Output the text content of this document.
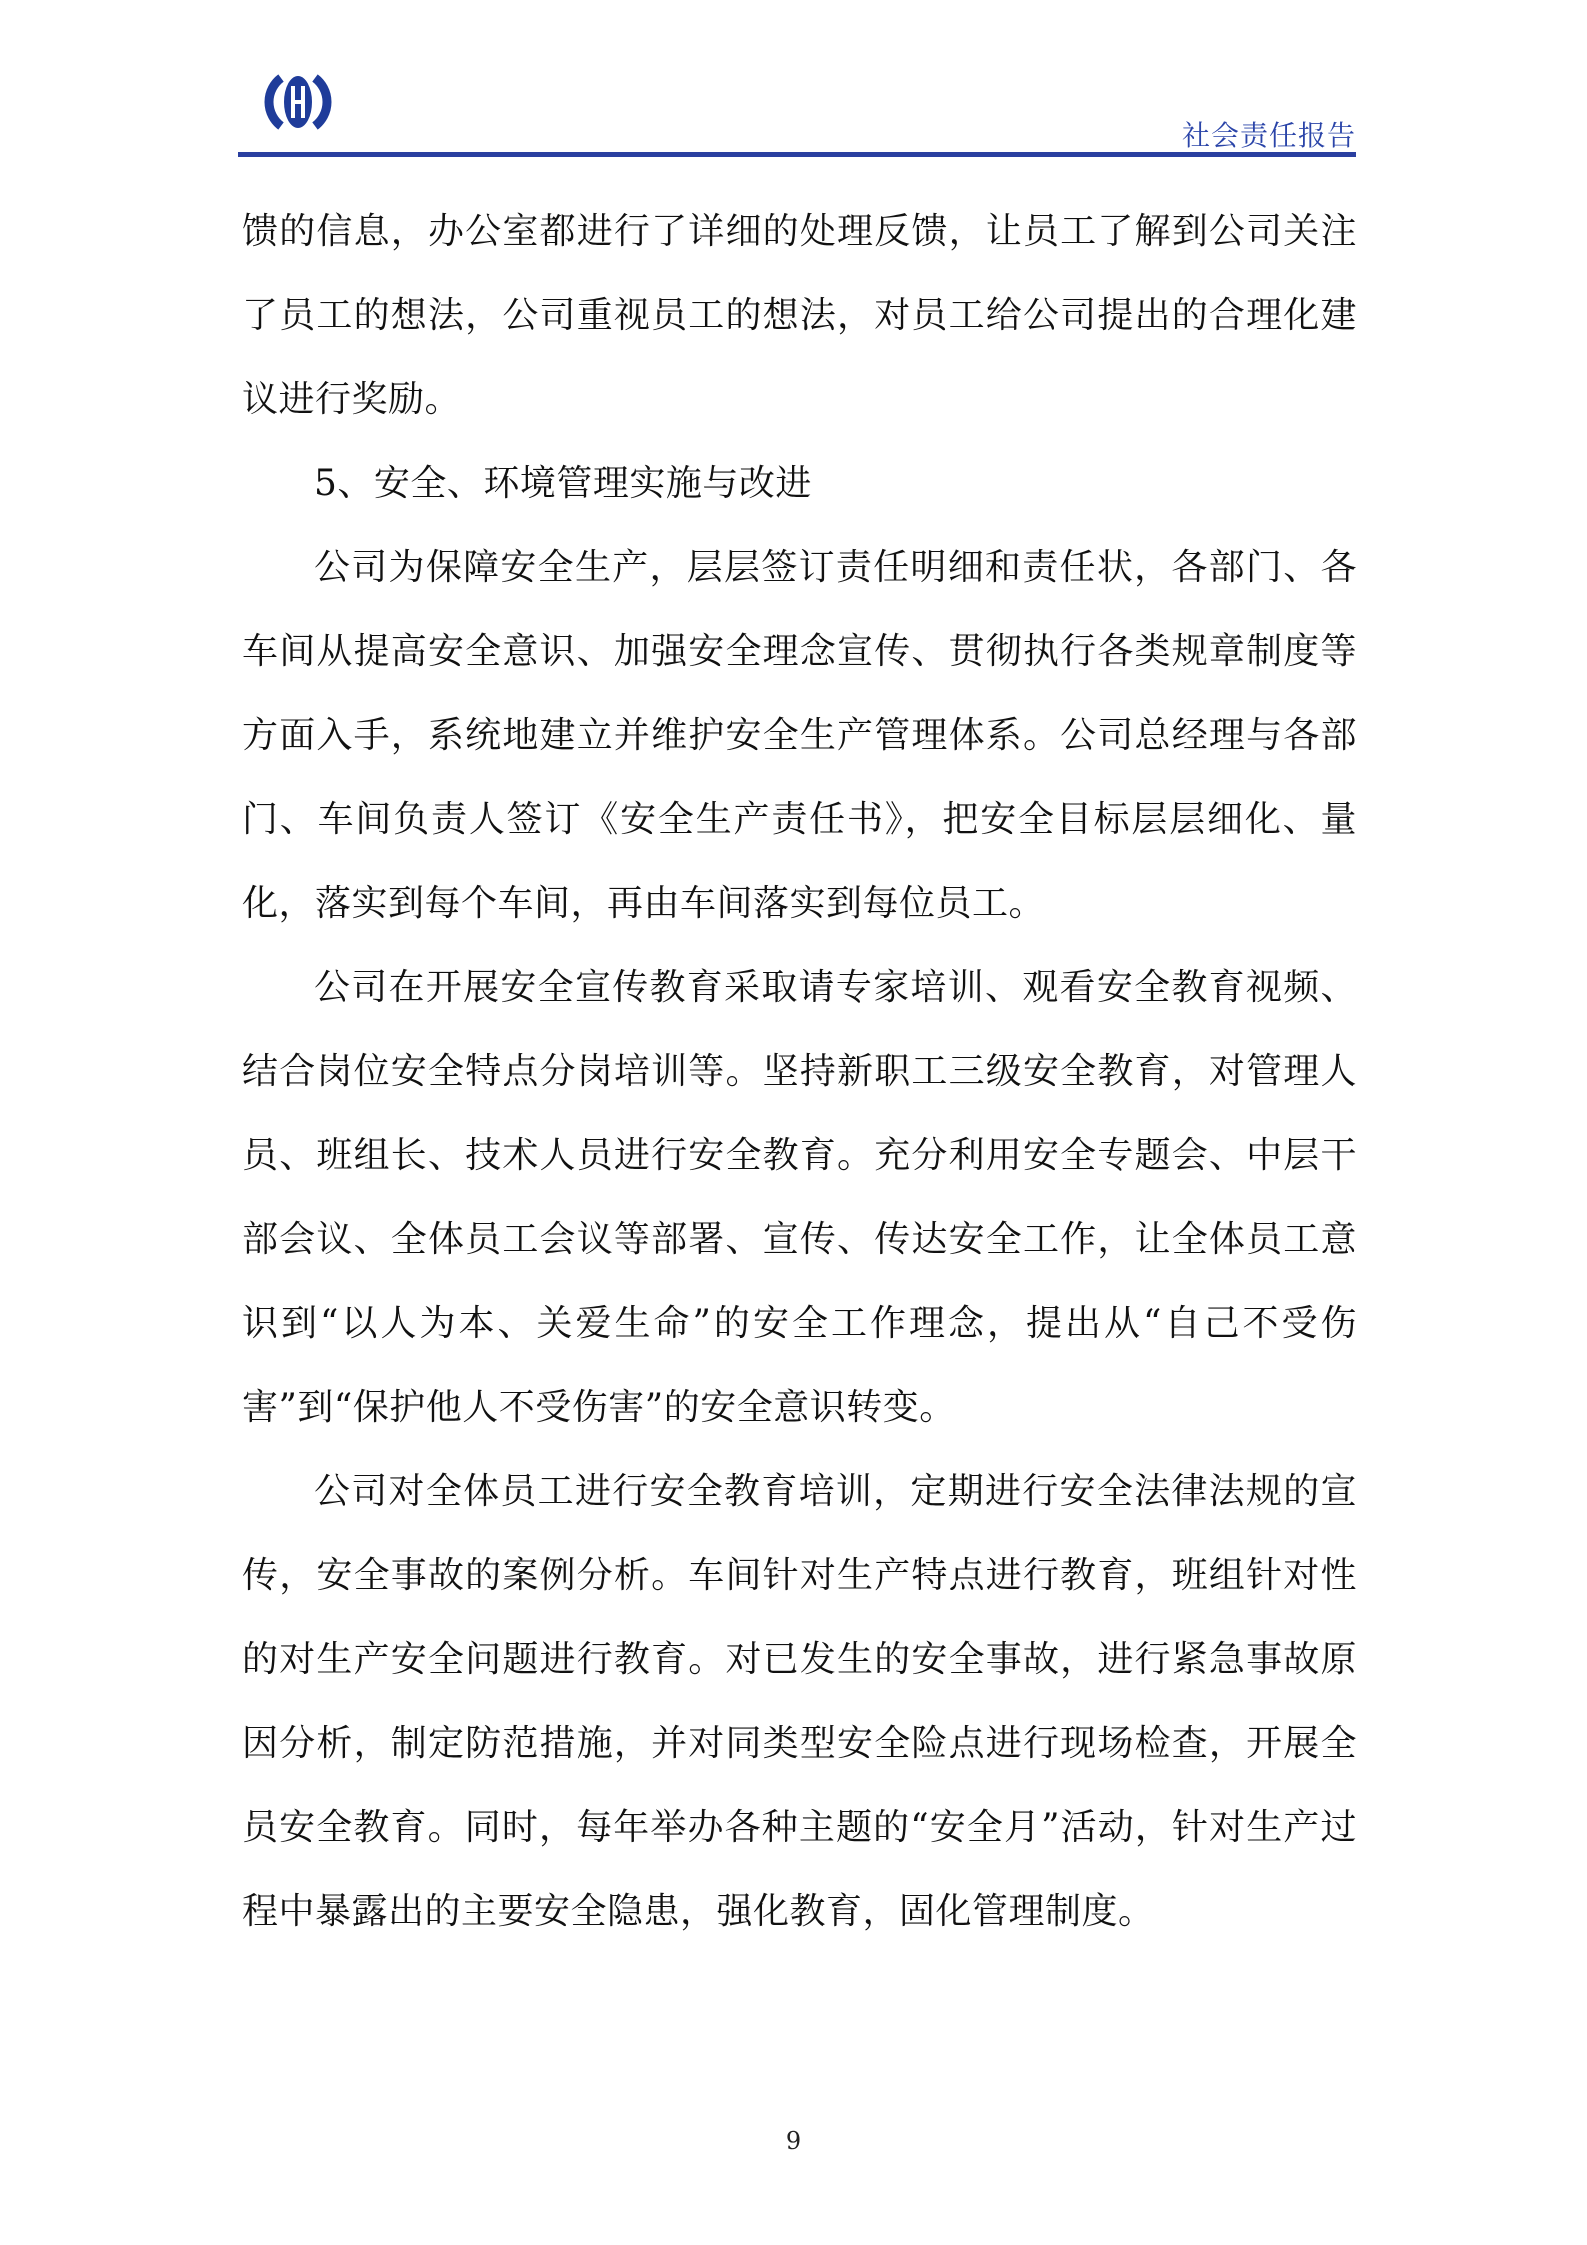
社会责任报告

馈的信息，办公室都进行了详细的处理反馈，让员工了解到公司关注了员工的想法，公司重视员工的想法，对员工给公司提出的合理化建议进行奖励。

5、安全、环境管理实施与改进

公司为保障安全生产，层层签订责任明细和责任状，各部门、各车间从提高安全意识、加强安全理念宣传、贯彻执行各类规章制度等方面入手，系统地建立并维护安全生产管理体系。公司总经理与各部门、车间负责人签订《安全生产责任书》，把安全目标层层细化、量化，落实到每个车间，再由车间落实到每位员工。

公司在开展安全宣传教育采取请专家培训、观看安全教育视频、结合岗位安全特点分岗培训等。坚持新职工三级安全教育，对管理人员、班组长、技术人员进行安全教育。充分利用安全专题会、中层干部会议、全体员工会议等部署、宣传、传达安全工作，让全体员工意识到“以人为本、关爱生命”的安全工作理念，提出从“自己不受伤害”到“保护他人不受伤害”的安全意识转变。

公司对全体员工进行安全教育培训，定期进行安全法律法规的宣传，安全事故的案例分析。车间针对生产特点进行教育，班组针对性的对生产安全问题进行教育。对已发生的安全事故，进行紧急事故原因分析，制定防范措施，并对同类型安全险点进行现场检查，开展全员安全教育。同时，每年举办各种主题的“安全月”活动，针对生产过程中暴露出的主要安全隐患，强化教育，固化管理制度。

9
